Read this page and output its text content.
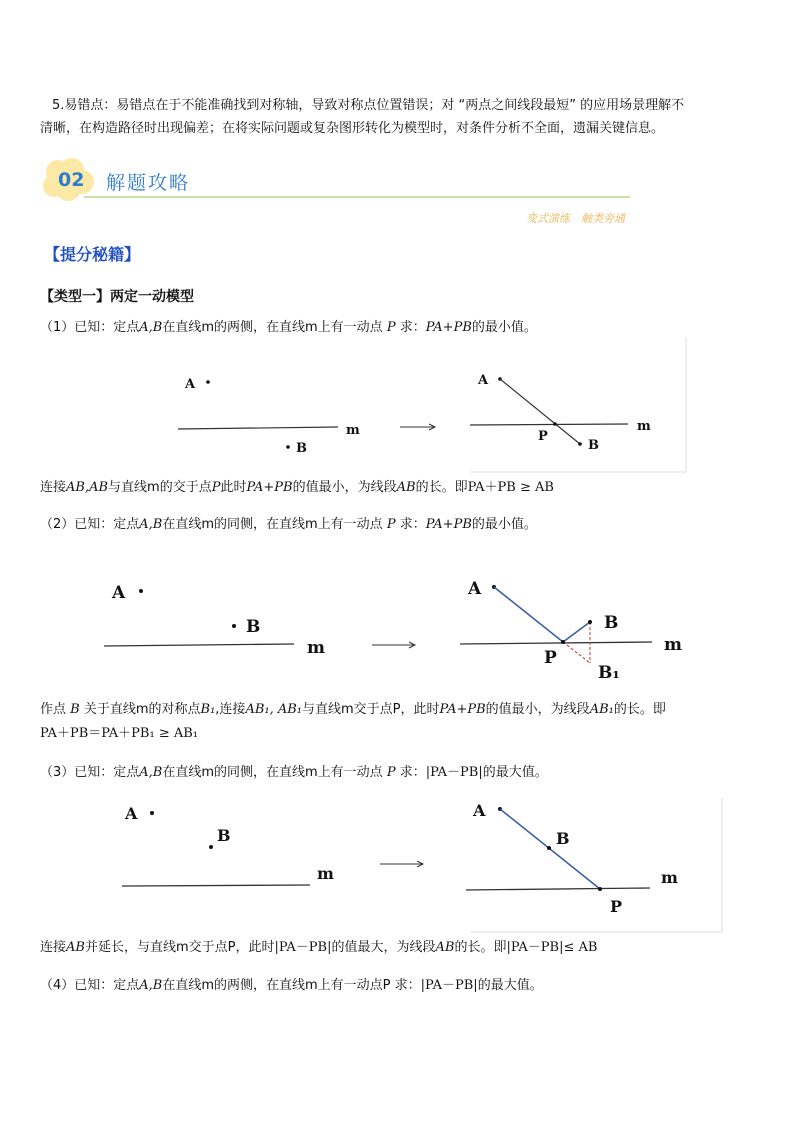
5.易错点：易错点在于不能准确找到对称轴，导致对称点位置错误；对 “两点之间线段最短” 的应用场景理解不
清晰，在构造路径时出现偏差；在将实际问题或复杂图形转化为模型时，对条件分析不全面，遗漏关键信息。
02 解题攻略
变式演练　触类旁通
【提分秘籍】
【类型一】两定一动模型
（1）已知：定点A,B在直线m的两侧，在直线m上有一动点 P 求：PA+PB的最小值。
A
m
B
A
m
P
B
连接AB,AB与直线m的交于点P此时PA+PB的值最小，为线段AB的长。即PA＋PB ≥ AB
（2）已知：定点A,B在直线m的同侧，在直线m上有一动点 P 求：PA+PB的最小值。
A
B
m
A
m
P
B
B₁
作点 B 关于直线m的对称点B₁,连接AB₁, AB₁与直线m交于点P，此时PA+PB的值最小，为线段AB₁的长。即
PA＋PB＝PA＋PB₁ ≥ AB₁
（3）已知：定点A,B在直线m的同侧，在直线m上有一动点 P 求：|PA－PB|的最大值。
A
B
m
A
B
m
P
连接AB并延长，与直线m交于点P，此时|PA－PB|的值最大，为线段AB的长。即|PA－PB|≤ AB
（4）已知：定点A,B在直线m的两侧，在直线m上有一动点P 求：|PA－PB|的最大值。
